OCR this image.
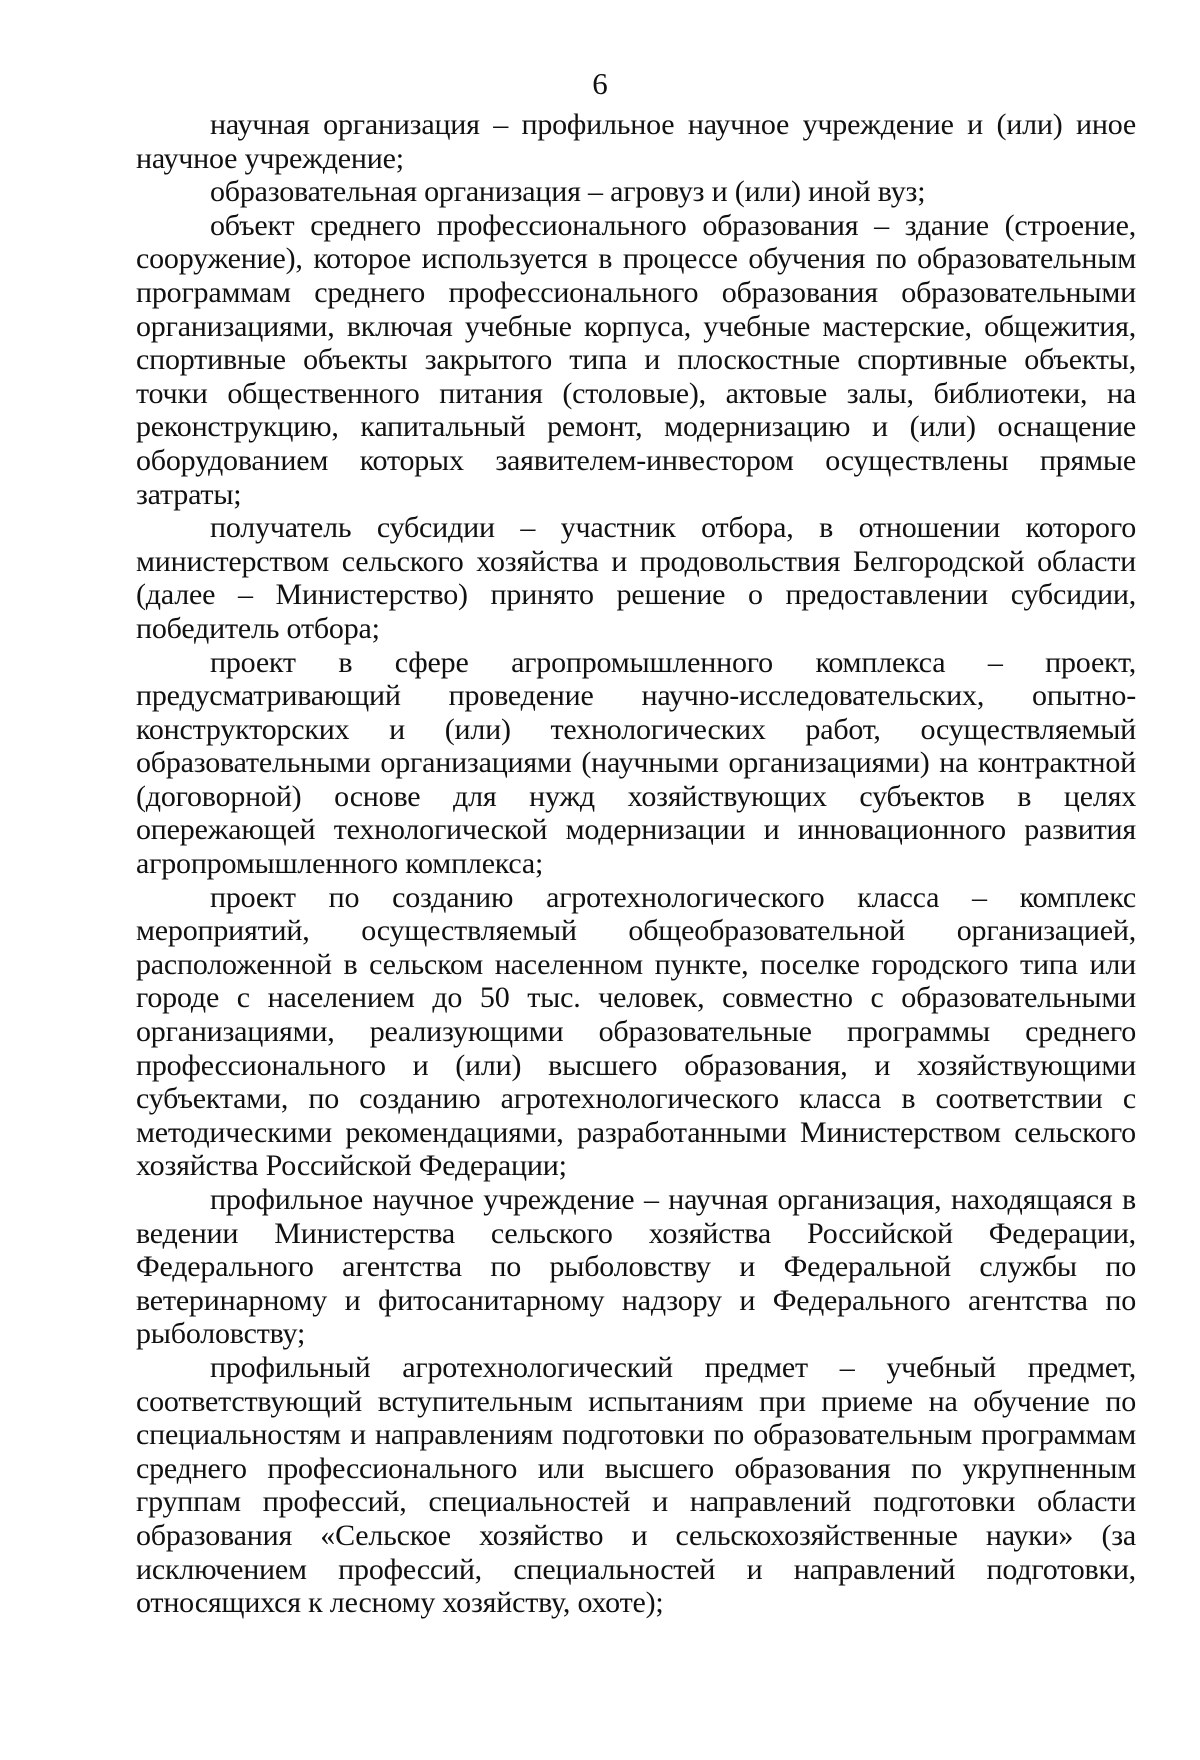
6

научная организация – профильное научное учреждение и (или) иное научное учреждение;

образовательная организация – агровуз и (или) иной вуз;

объект среднего профессионального образования – здание (строение, сооружение), которое используется в процессе обучения по образовательным программам среднего профессионального образования образовательными организациями, включая учебные корпуса, учебные мастерские, общежития, спортивные объекты закрытого типа и плоскостные спортивные объекты, точки общественного питания (столовые), актовые залы, библиотеки, на реконструкцию, капитальный ремонт, модернизацию и (или) оснащение оборудованием которых заявителем-инвестором осуществлены прямые затраты;

получатель субсидии – участник отбора, в отношении которого министерством сельского хозяйства и продовольствия Белгородской области (далее – Министерство) принято решение о предоставлении субсидии, победитель отбора;

проект в сфере агропромышленного комплекса – проект, предусматривающий проведение научно-исследовательских, опытно-конструкторских и (или) технологических работ, осуществляемый образовательными организациями (научными организациями) на контрактной (договорной) основе для нужд хозяйствующих субъектов в целях опережающей технологической модернизации и инновационного развития агропромышленного комплекса;

проект по созданию агротехнологического класса – комплекс мероприятий, осуществляемый общеобразовательной организацией, расположенной в сельском населенном пункте, поселке городского типа или городе с населением до 50 тыс. человек, совместно с образовательными организациями, реализующими образовательные программы среднего профессионального и (или) высшего образования, и хозяйствующими субъектами, по созданию агротехнологического класса в соответствии с методическими рекомендациями, разработанными Министерством сельского хозяйства Российской Федерации;

профильное научное учреждение – научная организация, находящаяся в ведении Министерства сельского хозяйства Российской Федерации, Федерального агентства по рыболовству и Федеральной службы по ветеринарному и фитосанитарному надзору и Федерального агентства по рыболовству;

профильный агротехнологический предмет – учебный предмет, соответствующий вступительным испытаниям при приеме на обучение по специальностям и направлениям подготовки по образовательным программам среднего профессионального или высшего образования по укрупненным группам профессий, специальностей и направлений подготовки области образования «Сельское хозяйство и сельскохозяйственные науки» (за исключением профессий, специальностей и направлений подготовки, относящихся к лесному хозяйству, охоте);
